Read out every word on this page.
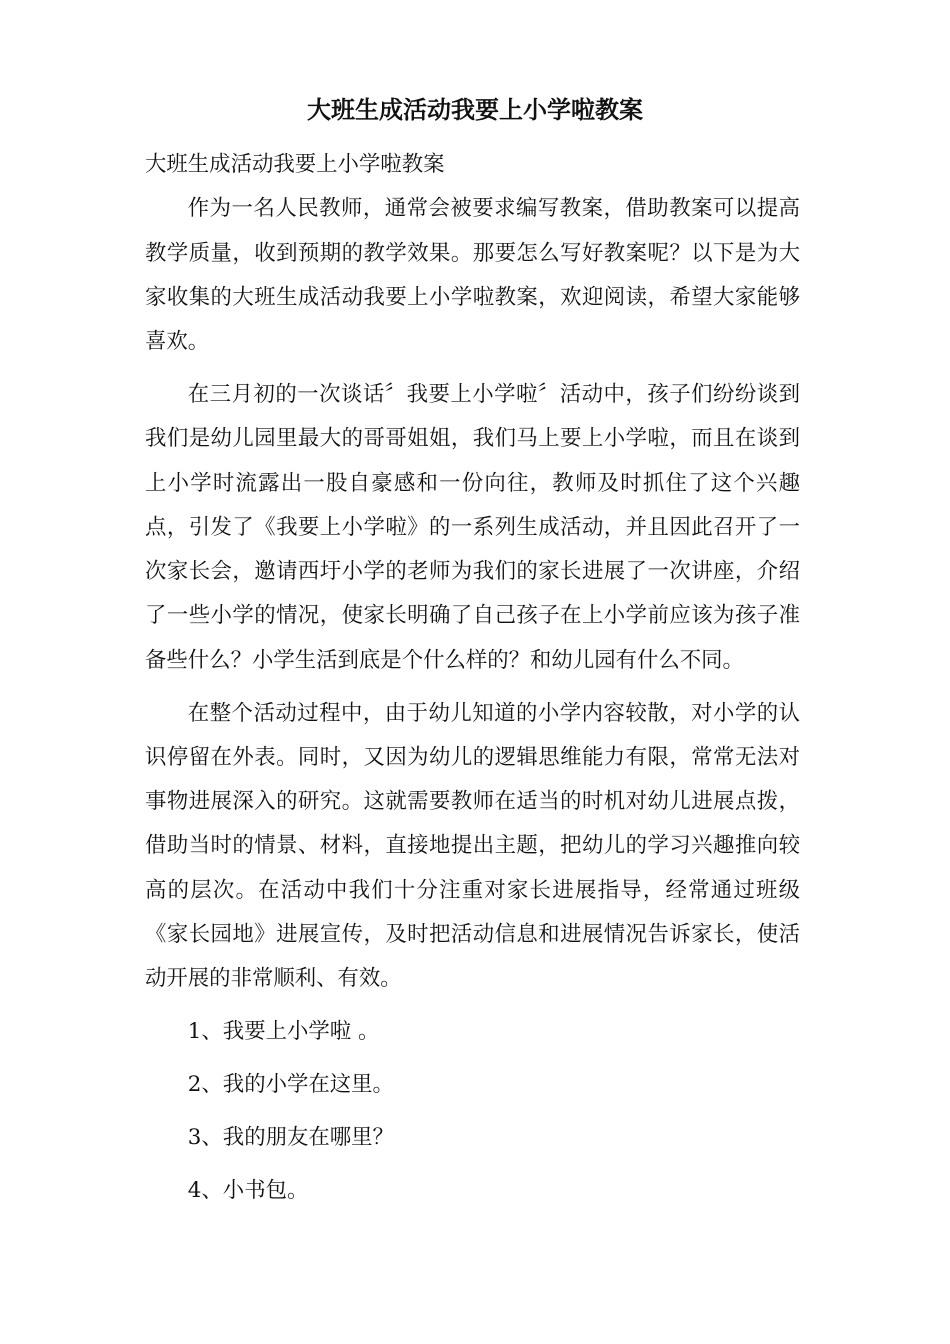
大班生成活动我要上小学啦教案

大班生成活动我要上小学啦教案

作为一名人民教师，通常会被要求编写教案，借助教案可以提高教学质量，收到预期的教学效果。那要怎么写好教案呢？以下是为大家收集的大班生成活动我要上小学啦教案，欢迎阅读，希望大家能够喜欢。

在三月初的一次谈话〞我要上小学啦〞活动中，孩子们纷纷谈到我们是幼儿园里最大的哥哥姐姐，我们马上要上小学啦，而且在谈到上小学时流露出一股自豪感和一份向往，教师及时抓住了这个兴趣点，引发了《我要上小学啦》的一系列生成活动，并且因此召开了一次家长会，邀请西圩小学的老师为我们的家长进展了一次讲座，介绍了一些小学的情况，使家长明确了自己孩子在上小学前应该为孩子准备些什么？小学生活到底是个什么样的？和幼儿园有什么不同。

在整个活动过程中，由于幼儿知道的小学内容较散，对小学的认识停留在外表。同时，又因为幼儿的逻辑思维能力有限，常常无法对事物进展深入的研究。这就需要教师在适当的时机对幼儿进展点拨，借助当时的情景、材料，直接地提出主题，把幼儿的学习兴趣推向较高的层次。在活动中我们十分注重对家长进展指导，经常通过班级《家长园地》进展宣传，及时把活动信息和进展情况告诉家长，使活动开展的非常顺利、有效。

1、我要上小学啦 。

2、我的小学在这里。

3、我的朋友在哪里？

4、小书包。
